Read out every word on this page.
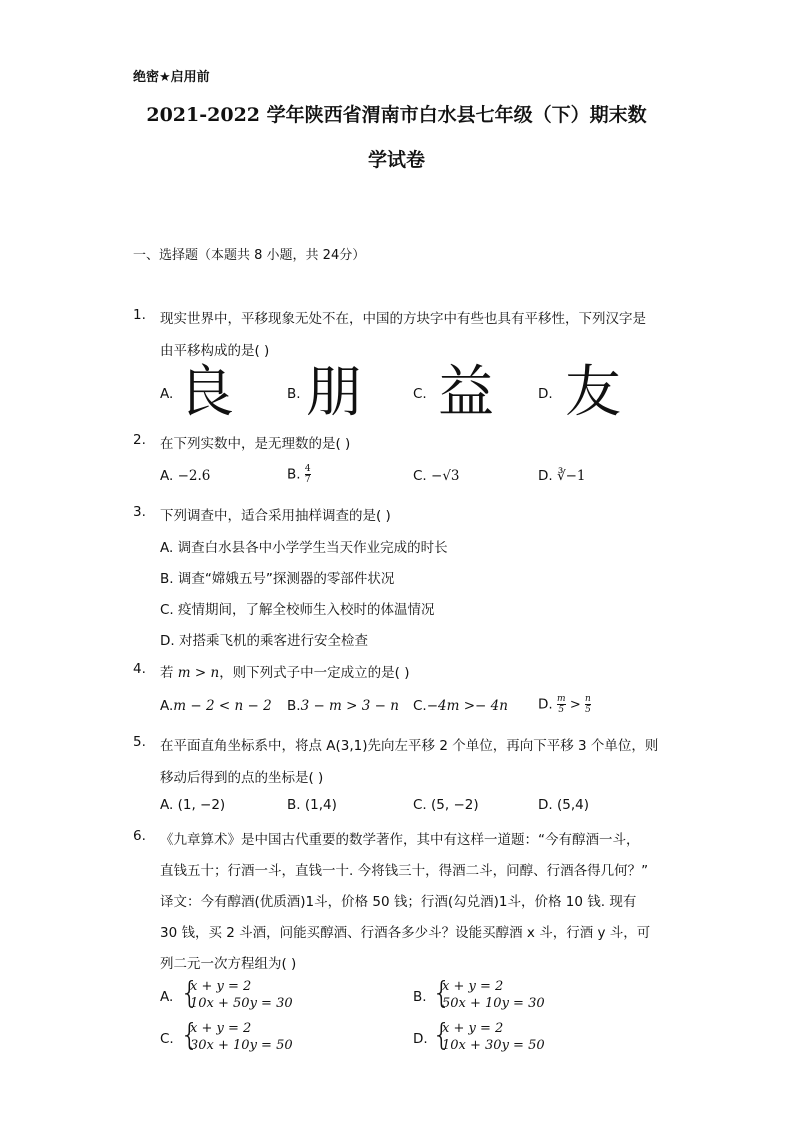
绝密★启用前
2021-2022 学年陕西省渭南市白水县七年级（下）期末数
学试卷
一、选择题（本题共 8 小题，共 24分）
1. 现实世界中，平移现象无处不在，中国的方块字中有些也具有平移性，下列汉字是
由平移构成的是( )
A. 良	B. 朋	C. 益	D. 友
2. 在下列实数中，是无理数的是( )
A. −2.6	B. $\frac{4}{7}$	C. −√3	D. ∛−1
3. 下列调查中，适合采用抽样调查的是( )
A. 调查白水县各中小学学生当天作业完成的时长
B. 调查“嫦娥五号”探测器的零部件状况
C. 疫情期间，了解全校师生入校时的体温情况
D. 对搭乘飞机的乘客进行安全检查
4. 若 m > n，则下列式子中一定成立的是( )
A.m − 2 < n − 2 B.3 − m > 3 − n C.−4m >− 4n D. $\frac{m}{5} > \frac{n}{5}$
5. 在平面直角坐标系中，将点 A(3,1)先向左平移 2 个单位，再向下平移 3 个单位，则
移动后得到的点的坐标是( )
A. (1, −2)	B. (1,4)	C. (5, −2)	D. (5,4)
6. 《九章算术》是中国古代重要的数学著作，其中有这样一道题：“今有醇酒一斗，
直钱五十；行酒一斗，直钱一十. 今将钱三十，得酒二斗，问醇、行酒各得几何？”
译文：今有醇酒(优质酒)1斗，价格 50 钱；行酒(勾兑酒)1斗，价格 10 钱. 现有
30 钱，买 2 斗酒，问能买醇酒、行酒各多少斗？设能买醇酒 x 斗，行酒 y 斗，可
列二元一次方程组为( )
A. {
x + y = 2
10x + 50y = 30	B. {
x + y = 2
50x + 10y = 30
C. {
x + y = 2
30x + 10y = 50	D. {
x + y = 2
10x + 30y = 50
